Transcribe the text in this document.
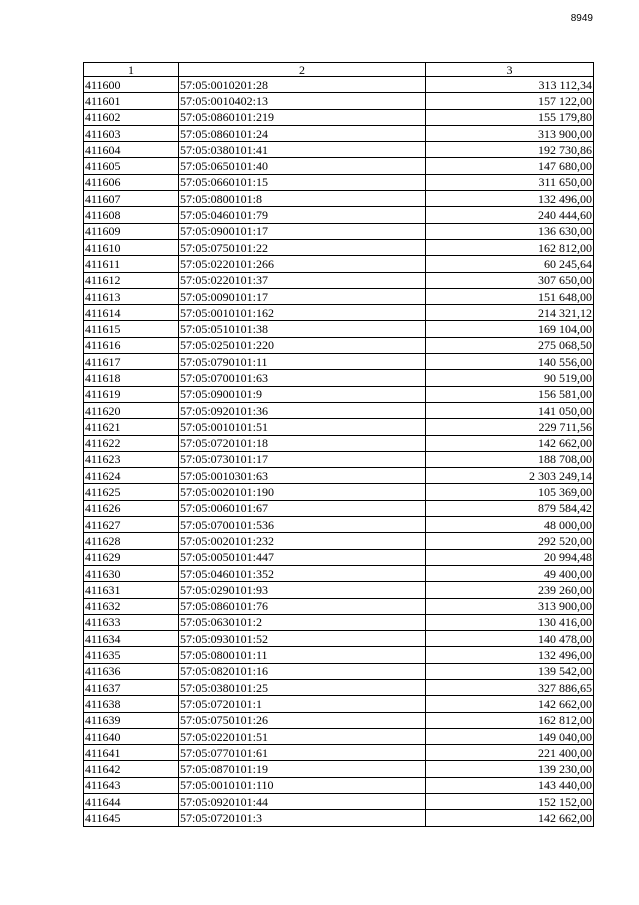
8949
1	2	3
411600	57:05:0010201:28	313 112,34
411601	57:05:0010402:13	157 122,00
411602	57:05:0860101:219	155 179,80
411603	57:05:0860101:24	313 900,00
411604	57:05:0380101:41	192 730,86
411605	57:05:0650101:40	147 680,00
411606	57:05:0660101:15	311 650,00
411607	57:05:0800101:8	132 496,00
411608	57:05:0460101:79	240 444,60
411609	57:05:0900101:17	136 630,00
411610	57:05:0750101:22	162 812,00
411611	57:05:0220101:266	60 245,64
411612	57:05:0220101:37	307 650,00
411613	57:05:0090101:17	151 648,00
411614	57:05:0010101:162	214 321,12
411615	57:05:0510101:38	169 104,00
411616	57:05:0250101:220	275 068,50
411617	57:05:0790101:11	140 556,00
411618	57:05:0700101:63	90 519,00
411619	57:05:0900101:9	156 581,00
411620	57:05:0920101:36	141 050,00
411621	57:05:0010101:51	229 711,56
411622	57:05:0720101:18	142 662,00
411623	57:05:0730101:17	188 708,00
411624	57:05:0010301:63	2 303 249,14
411625	57:05:0020101:190	105 369,00
411626	57:05:0060101:67	879 584,42
411627	57:05:0700101:536	48 000,00
411628	57:05:0020101:232	292 520,00
411629	57:05:0050101:447	20 994,48
411630	57:05:0460101:352	49 400,00
411631	57:05:0290101:93	239 260,00
411632	57:05:0860101:76	313 900,00
411633	57:05:0630101:2	130 416,00
411634	57:05:0930101:52	140 478,00
411635	57:05:0800101:11	132 496,00
411636	57:05:0820101:16	139 542,00
411637	57:05:0380101:25	327 886,65
411638	57:05:0720101:1	142 662,00
411639	57:05:0750101:26	162 812,00
411640	57:05:0220101:51	149 040,00
411641	57:05:0770101:61	221 400,00
411642	57:05:0870101:19	139 230,00
411643	57:05:0010101:110	143 440,00
411644	57:05:0920101:44	152 152,00
411645	57:05:0720101:3	142 662,00
